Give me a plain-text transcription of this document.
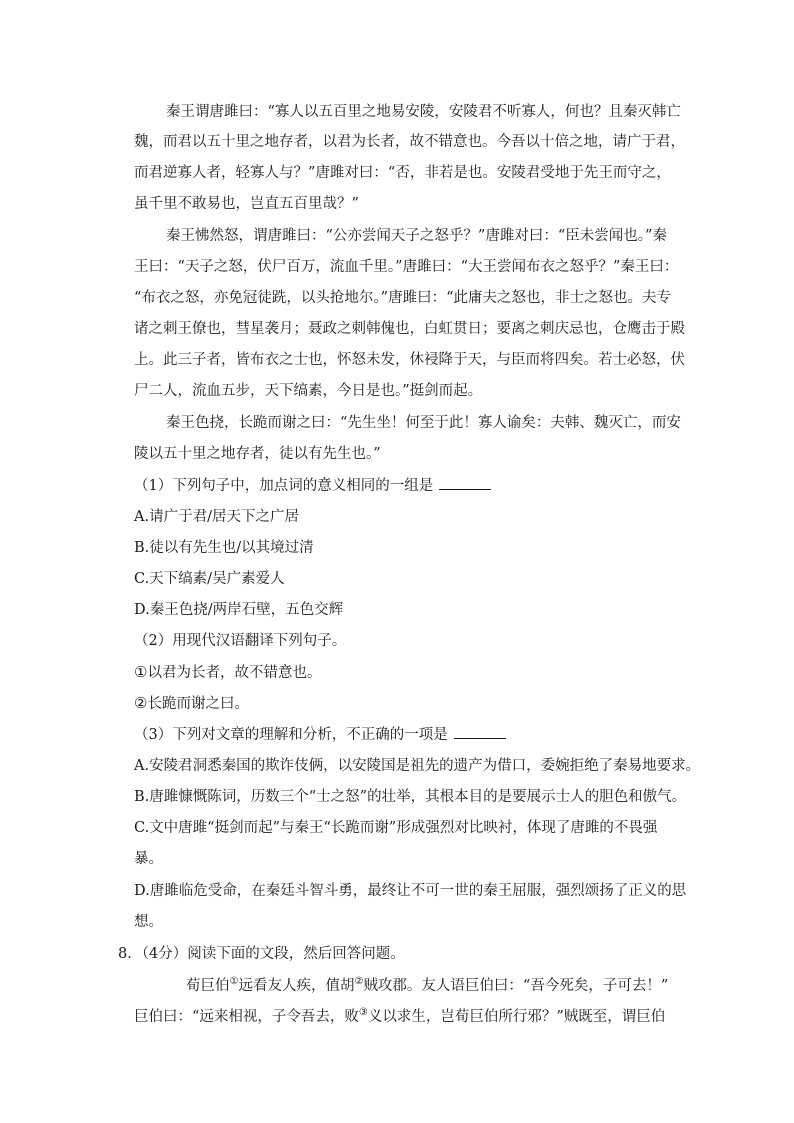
秦王谓唐雎曰：“寡人以五百里之地易安陵，安陵君不听寡人，何也？且秦灭韩亡
魏，而君以五十里之地存者，以君为长者，故不错意也。今吾以十倍之地，请广于君，
而君逆寡人者，轻寡人与？”唐雎对曰：“否，非若是也。安陵君受地于先王而守之，
虽千里不敢易也，岂直五百里哉？”
秦王怫然怒，谓唐雎曰：“公亦尝闻天子之怒乎？”唐雎对曰：“臣未尝闻也。”秦
王曰：“天子之怒，伏尸百万，流血千里。”唐雎曰：“大王尝闻布衣之怒乎？”秦王曰：
“布衣之怒，亦免冠徒跣，以头抢地尔。”唐雎曰：“此庸夫之怒也，非士之怒也。夫专
诸之刺王僚也，彗星袭月；聂政之刺韩傀也，白虹贯日；要离之刺庆忌也，仓鹰击于殿
上。此三子者，皆布衣之士也，怀怒未发，休祲降于天，与臣而将四矣。若士必怒，伏
尸二人，流血五步，天下缟素，今日是也。”挺剑而起。
秦王色挠，长跪而谢之曰：“先生坐！何至于此！寡人谕矣：夫韩、魏灭亡，而安
陵以五十里之地存者，徒以有先生也。”
（1）下列句子中，加点词的意义相同的一组是
A.请广于君/居天下之广居
B.徒以有先生也/以其境过清
C.天下缟素/吴广素爱人
D.秦王色挠/两岸石壁，五色交辉
（2）用现代汉语翻译下列句子。
①以君为长者，故不错意也。
②长跪而谢之曰。
（3）下列对文章的理解和分析，不正确的一项是
A.安陵君洞悉秦国的欺诈伎俩，以安陵国是祖先的遗产为借口，委婉拒绝了秦易地要求。
B.唐雎慷慨陈词，历数三个“士之怒”的壮举，其根本目的是要展示士人的胆色和傲气。
C.文中唐雎“挺剑而起”与秦王“长跪而谢”形成强烈对比映衬，体现了唐雎的不畏强
暴。
D.唐雎临危受命，在秦廷斗智斗勇，最终让不可一世的秦王屈服，强烈颂扬了正义的思
想。
8．（4分）阅读下面的文段，然后回答问题。
荀巨伯①远看友人疾，值胡②贼攻郡。友人语巨伯曰：“吾今死矣，子可去！”
巨伯曰：“远来相视，子令吾去，败③义以求生，岂荀巨伯所行邪？”贼既至，谓巨伯
